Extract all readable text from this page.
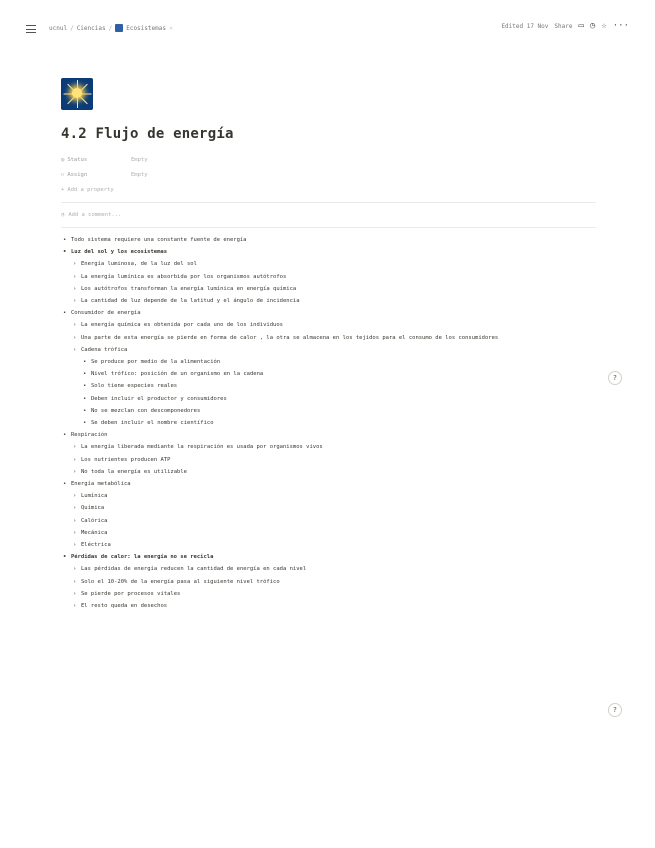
ucnul / Ciencias / Ecosistemas ✧	Edited 17 Nov Share ▭ ◷ ☆ ···
4.2 Flujo de energía
◎ Status	Empty
⚇ Assign	Empty
+ Add a property
◔ Add a comment...
• Todo sistema requiere una constante fuente de energía
• Luz del sol y los ecosistemas
› Energía luminosa, de la luz del sol
› La energía lumínica es absorbida por los organismos autótrofos
› Los autótrofos transforman la energía lumínica en energía química
› La cantidad de luz depende de la latitud y el ángulo de incidencia
• Consumidor de energía
› La energía química es obtenida por cada uno de los individuos
› Una parte de esta energía se pierde en forma de calor , la otra se almacena en los tejidos para el consumo de los consumidores
› Cadena trófica
• Se produce por medio de la alimentación
• Nivel trófico: posición de un organismo en la cadena
• Solo tiene especies reales
• Deben incluir el productor y consumidores
• No se mezclan con descomponedores
• Se deben incluir el nombre científico
• Respiración
› La energía liberada mediante la respiración es usada por organismos vivos
› Los nutrientes producen ATP
› No toda la energía es utilizable
• Energía metabólica
› Lumínica
› Química
› Calórica
› Mecánica
› Eléctrica
• Pérdidas de calor: la energía no se recicla
› Las pérdidas de energía reducen la cantidad de energía en cada nivel
› Solo el 10-20% de la energía pasa al siguiente nivel trófico
› Se pierde por procesos vitales
› El resto queda en desechos
?
?
